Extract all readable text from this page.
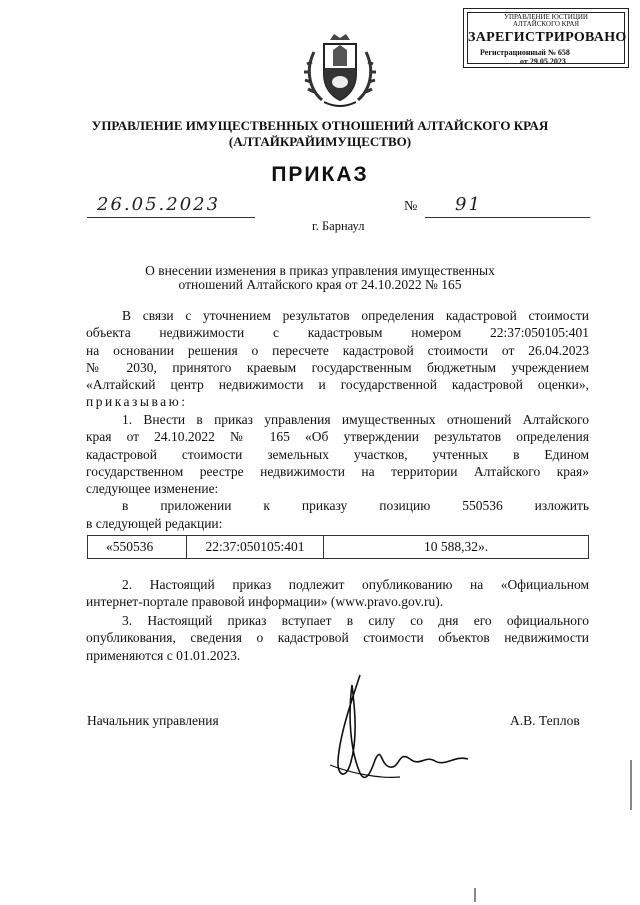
УПРАВЛЕНИЕ ЮСТИЦИИ
АЛТАЙСКОГО КРАЯ
ЗАРЕГИСТРИРОВАНО
Регистрационный № 658
от 29.05.2023
УПРАВЛЕНИЕ ИМУЩЕСТВЕННЫХ ОТНОШЕНИЙ АЛТАЙСКОГО КРАЯ
(АЛТАЙКРАЙИМУЩЕСТВО)
ПРИКАЗ
26.05.2023	№ 91
г. Барнаул
О внесении изменения в приказ управления имущественных
отношений Алтайского края от 24.10.2022 № 165
В связи с уточнением результатов определения кадастровой стоимости
объекта недвижимости с кадастровым номером 22:37:050105:401
на основании решения о пересчете кадастровой стоимости от 26.04.2023
№ 2030, принятого краевым государственным бюджетным учреждением
«Алтайский центр недвижимости и государственной кадастровой оценки»,
приказываю:
1. Внести в приказ управления имущественных отношений Алтайского
края от 24.10.2022 № 165 «Об утверждении результатов определения
кадастровой стоимости земельных участков, учтенных в Едином
государственном реестре недвижимости на территории Алтайского края»
следующее изменение:
в приложении к приказу позицию 550536 изложить
в следующей редакции:
«550536	22:37:050105:401	10 588,32».
2. Настоящий приказ подлежит опубликованию на «Официальном
интернет-портале правовой информации» (www.pravo.gov.ru).
3. Настоящий приказ вступает в силу со дня его официального
опубликования, сведения о кадастровой стоимости объектов недвижимости
применяются с 01.01.2023.
Начальник управления	А.В. Теплов
